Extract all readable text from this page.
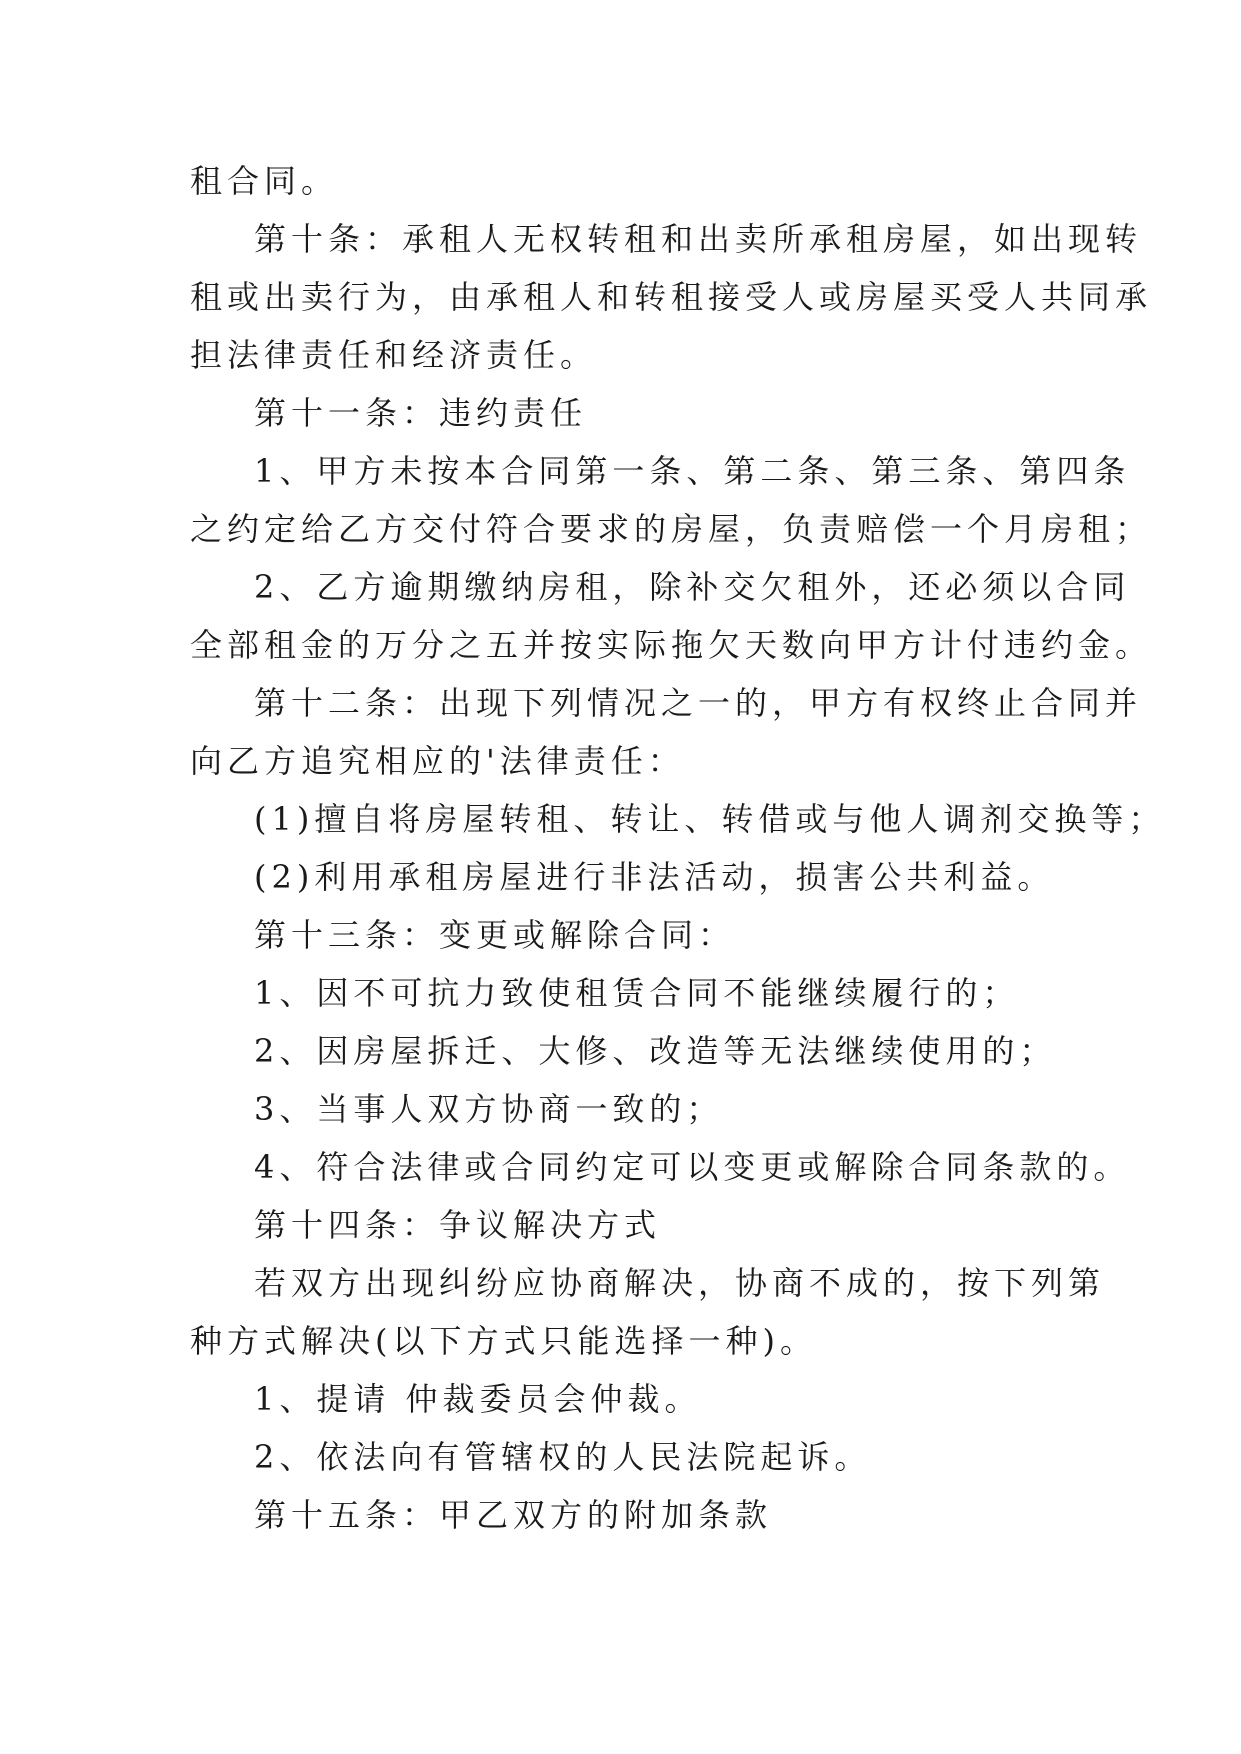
租合同。
第十条：承租人无权转租和出卖所承租房屋，如出现转
租或出卖行为，由承租人和转租接受人或房屋买受人共同承
担法律责任和经济责任。
第十一条：违约责任
1、甲方未按本合同第一条、第二条、第三条、第四条
之约定给乙方交付符合要求的房屋，负责赔偿一个月房租；
2、乙方逾期缴纳房租，除补交欠租外，还必须以合同
全部租金的万分之五并按实际拖欠天数向甲方计付违约金。
第十二条：出现下列情况之一的，甲方有权终止合同并
向乙方追究相应的'法律责任：
(1)擅自将房屋转租、转让、转借或与他人调剂交换等；
(2)利用承租房屋进行非法活动，损害公共利益。
第十三条：变更或解除合同：
1、因不可抗力致使租赁合同不能继续履行的；
2、因房屋拆迁、大修、改造等无法继续使用的；
3、当事人双方协商一致的；
4、符合法律或合同约定可以变更或解除合同条款的。
第十四条：争议解决方式
若双方出现纠纷应协商解决，协商不成的，按下列第
种方式解决(以下方式只能选择一种)。
1、提请 仲裁委员会仲裁。
2、依法向有管辖权的人民法院起诉。
第十五条：甲乙双方的附加条款
